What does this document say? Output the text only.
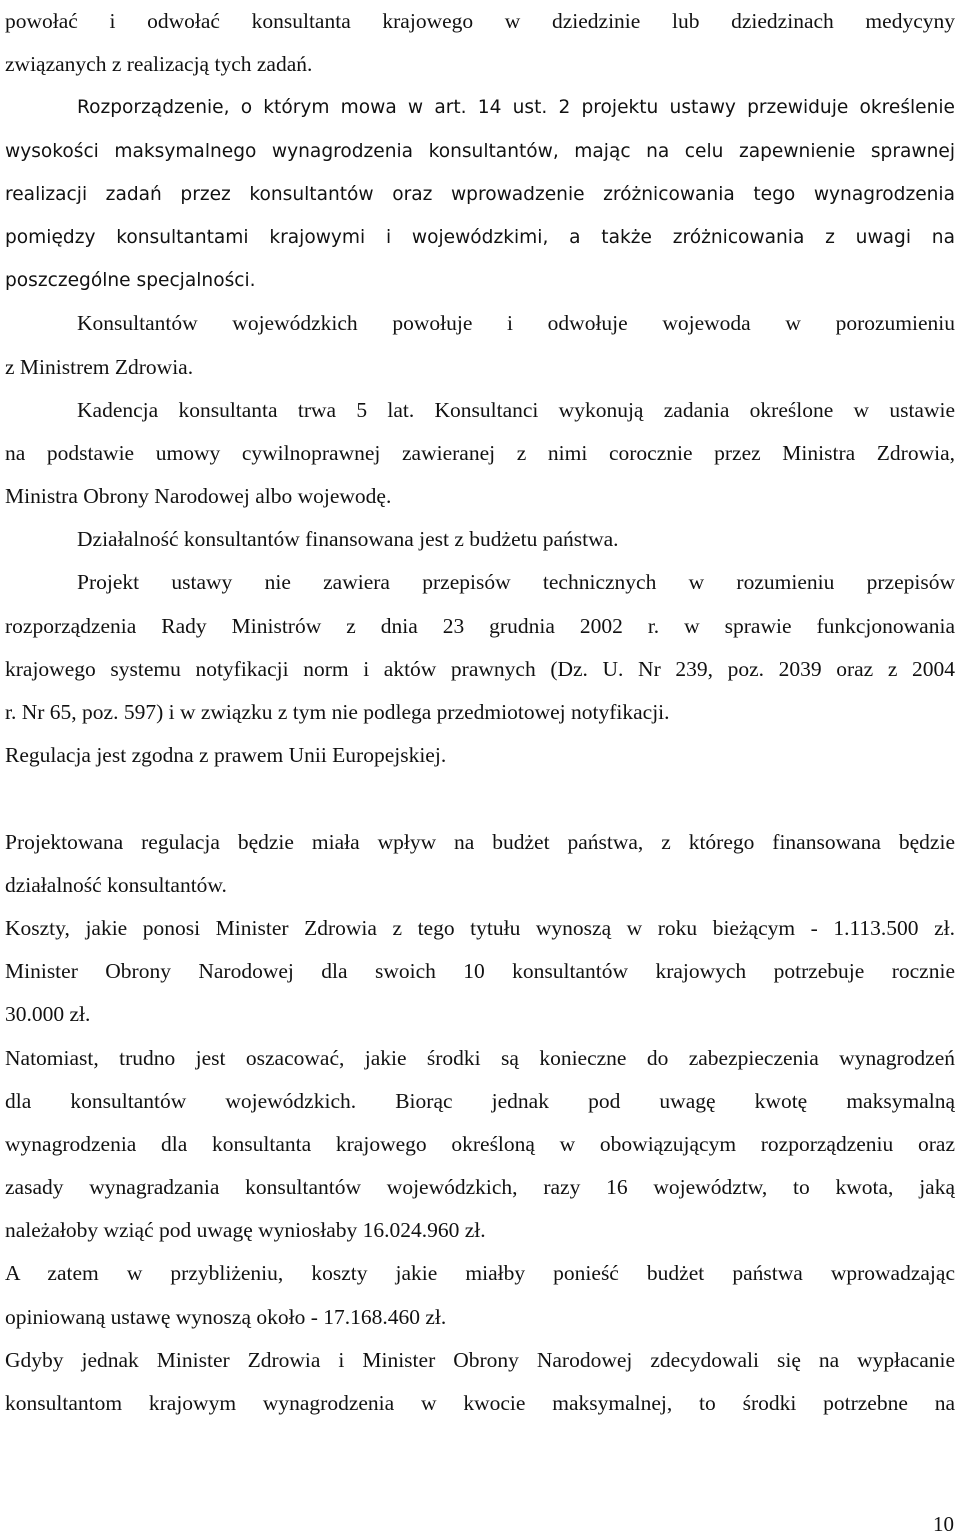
powołać i odwołać konsultanta krajowego w dziedzinie lub dziedzinach medycyny
związanych z realizacją tych zadań.
Rozporządzenie, o którym mowa w art. 14 ust. 2 projektu ustawy przewiduje określenie
wysokości maksymalnego wynagrodzenia konsultantów, mając na celu zapewnienie sprawnej
realizacji zadań przez konsultantów oraz wprowadzenie zróżnicowania tego wynagrodzenia
pomiędzy konsultantami krajowymi i wojewódzkimi, a także zróżnicowania z uwagi na
poszczególne specjalności.
Konsultantów wojewódzkich powołuje i odwołuje wojewoda w porozumieniu
z Ministrem Zdrowia.
Kadencja konsultanta trwa 5 lat. Konsultanci wykonują zadania określone w ustawie
na podstawie umowy cywilnoprawnej zawieranej z nimi corocznie przez Ministra Zdrowia,
Ministra Obrony Narodowej albo wojewodę.
Działalność konsultantów finansowana jest z budżetu państwa.
Projekt ustawy nie zawiera przepisów technicznych w rozumieniu przepisów
rozporządzenia Rady Ministrów z dnia 23 grudnia 2002 r. w sprawie funkcjonowania
krajowego systemu notyfikacji norm i aktów prawnych (Dz. U. Nr 239, poz. 2039 oraz z 2004
r. Nr 65, poz. 597) i w związku z tym nie podlega przedmiotowej notyfikacji.
Regulacja jest zgodna z prawem Unii Europejskiej.
Projektowana regulacja będzie miała wpływ na budżet państwa, z którego finansowana będzie
działalność konsultantów.
Koszty, jakie ponosi Minister Zdrowia z tego tytułu wynoszą w roku bieżącym - 1.113.500 zł.
Minister Obrony Narodowej dla swoich 10 konsultantów krajowych potrzebuje rocznie
30.000 zł.
Natomiast, trudno jest oszacować, jakie środki są konieczne do zabezpieczenia wynagrodzeń
dla konsultantów wojewódzkich. Biorąc jednak pod uwagę kwotę maksymalną
wynagrodzenia dla konsultanta krajowego określoną w obowiązującym rozporządzeniu oraz
zasady wynagradzania konsultantów wojewódzkich, razy 16 województw, to kwota, jaką
należałoby wziąć pod uwagę wyniosłaby 16.024.960 zł.
A zatem w przybliżeniu, koszty jakie miałby ponieść budżet państwa wprowadzając
opiniowaną ustawę wynoszą około - 17.168.460 zł.
Gdyby jednak Minister Zdrowia i Minister Obrony Narodowej zdecydowali się na wypłacanie
konsultantom krajowym wynagrodzenia w kwocie maksymalnej, to środki potrzebne na
10
